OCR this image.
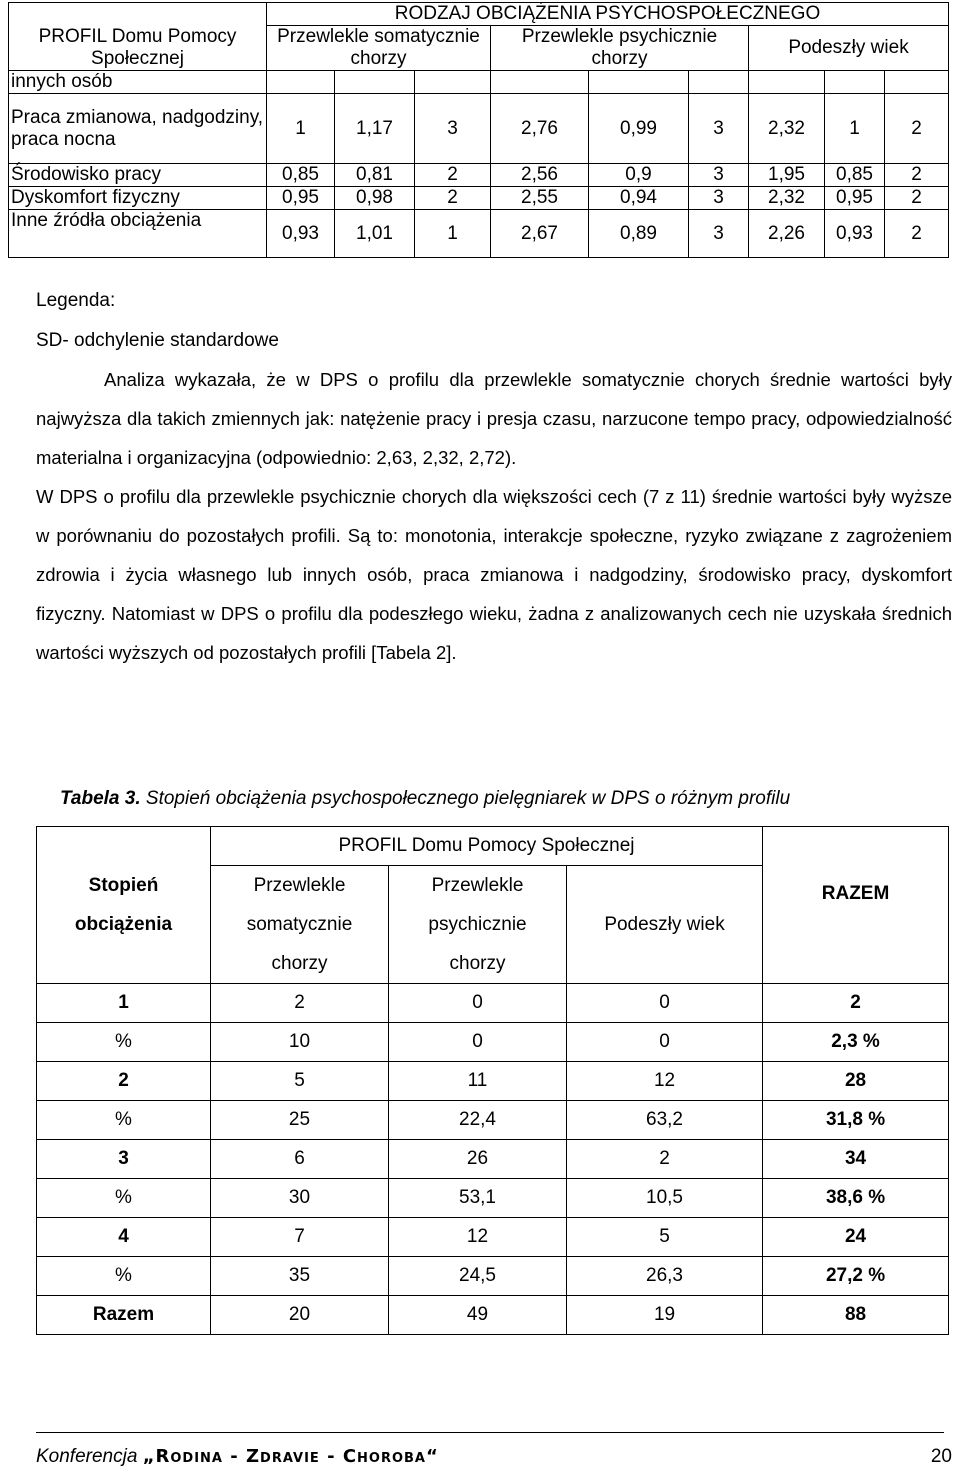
PROFIL Domu Pomocy Społecznej	RODZAJ OBCIĄŻENIA PSYCHOSPOŁECZNEGO								
	Przewlekle somatycznie chorzy			Przewlekle psychicznie chorzy			Podeszły wiek		
innych osób									
Praca zmianowa, nadgodziny, praca nocna	1	1,17	3	2,76	0,99	3	2,32	1	2
Środowisko pracy	0,85	0,81	2	2,56	0,9	3	1,95	0,85	2
Dyskomfort fizyczny	0,95	0,98	2	2,55	0,94	3	2,32	0,95	2
Inne źródła obciążenia	0,93	1,01	1	2,67	0,89	3	2,26	0,93	2
Legenda:
SD- odchylenie standardowe

Analiza wykazała, że w DPS o profilu dla przewlekle somatycznie chorych średnie wartości były najwyższa dla takich zmiennych jak: natężenie pracy i presja czasu, narzucone tempo pracy, odpowiedzialność materialna i organizacyjna (odpowiednio: 2,63, 2,32, 2,72).

W DPS o profilu dla przewlekle psychicznie chorych dla większości cech (7 z 11) średnie wartości były wyższe w porównaniu do pozostałych profili. Są to: monotonia, interakcje społeczne, ryzyko związane z zagrożeniem zdrowia i życia własnego lub innych osób, praca zmianowa i nadgodziny, środowisko pracy, dyskomfort fizyczny. Natomiast w DPS o profilu dla podeszłego wieku, żadna z analizowanych cech nie uzyskała średnich wartości wyższych od pozostałych profili [Tabela 2].

Tabela 3. Stopień obciążenia psychospołecznego pielęgniarek w DPS o różnym profilu
Stopień obciążenia	PROFIL Domu Pomocy Społecznej			RAZEM
	Przewlekle somatycznie chorzy	Przewlekle psychicznie chorzy	Podeszły wiek	

1	2	0	0	2
%	10	0	0	2,3 %
2	5	11	12	28
%	25	22,4	63,2	31,8 %
3	6	26	2	34
%	30	53,1	10,5	38,6 %
4	7	12	5	24
%	35	24,5	26,3	27,2 %
Razem	20	49	19	88
Konferencja „Rodina - Zdravie - Choroba“	20
